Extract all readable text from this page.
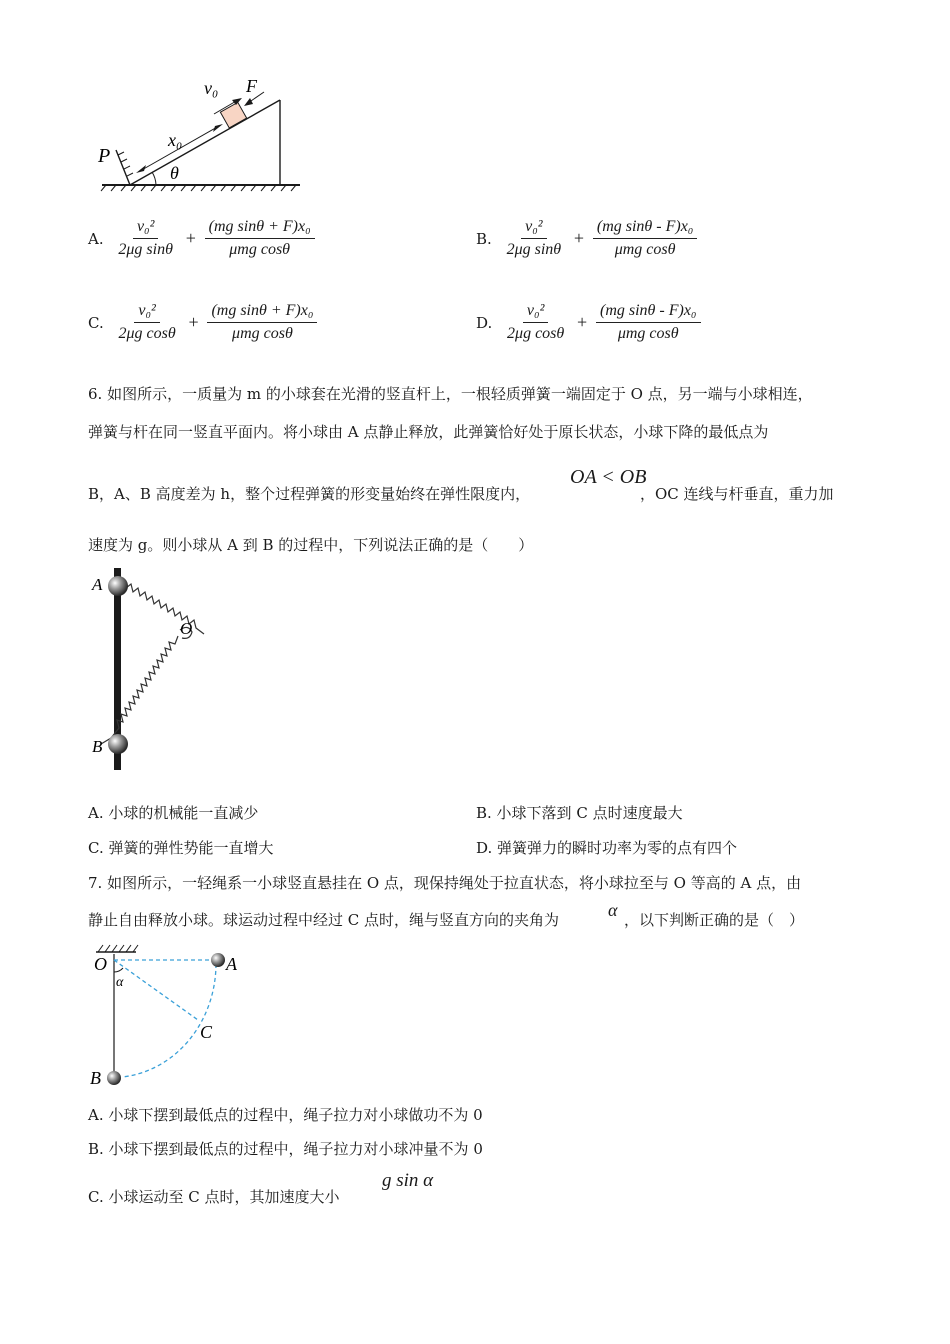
v₀ F
x₀
P
θ
A. $\frac{\text{v₀²}}{\text{2μg sinθ}} + \frac{\text{(mg sinθ + F)x₀}}{\text{μmg cosθ}}$	B. $\frac{\text{v₀²}}{\text{2μg sinθ}} + \frac{\text{(mg sinθ - F)x₀}}{\text{μmg cosθ}}$
C. $\frac{\text{v₀²}}{\text{2μg cosθ}} + \frac{\text{(mg sinθ + F)x₀}}{\text{μmg cosθ}}$	D. $\frac{\text{v₀²}}{\text{2μg cosθ}} + \frac{\text{(mg sinθ - F)x₀}}{\text{μmg cosθ}}$
6. 如图所示，一质量为 m 的小球套在光滑的竖直杆上，一根轻质弹簧一端固定于 O 点，另一端与小球相连，
弹簧与杆在同一竖直平面内。将小球由 A 点静止释放，此弹簧恰好处于原长状态，小球下降的最低点为
B，A、B 高度差为 h，整个过程弹簧的形变量始终在弹性限度内，
OA < OB
，OC 连线与杆垂直，重力加
速度为 g。则小球从 A 到 B 的过程中，下列说法正确的是（　　）
A
B
O
A. 小球的机械能一直减少	B. 小球下落到 C 点时速度最大
C. 弹簧的弹性势能一直增大	D. 弹簧弹力的瞬时功率为零的点有四个
7. 如图所示，一轻绳系一小球竖直悬挂在 O 点，现保持绳处于拉直状态，将小球拉至与 O 等高的 A 点，由
静止自由释放小球。球运动过程中经过 C 点时，绳与竖直方向的夹角为	α ，以下判断正确的是（　）
O	A
C
B
α
A. 小球下摆到最低点的过程中，绳子拉力对小球做功不为 0
B. 小球下摆到最低点的过程中，绳子拉力对小球冲量不为 0
C. 小球运动至 C 点时，其加速度大小
g sin α
